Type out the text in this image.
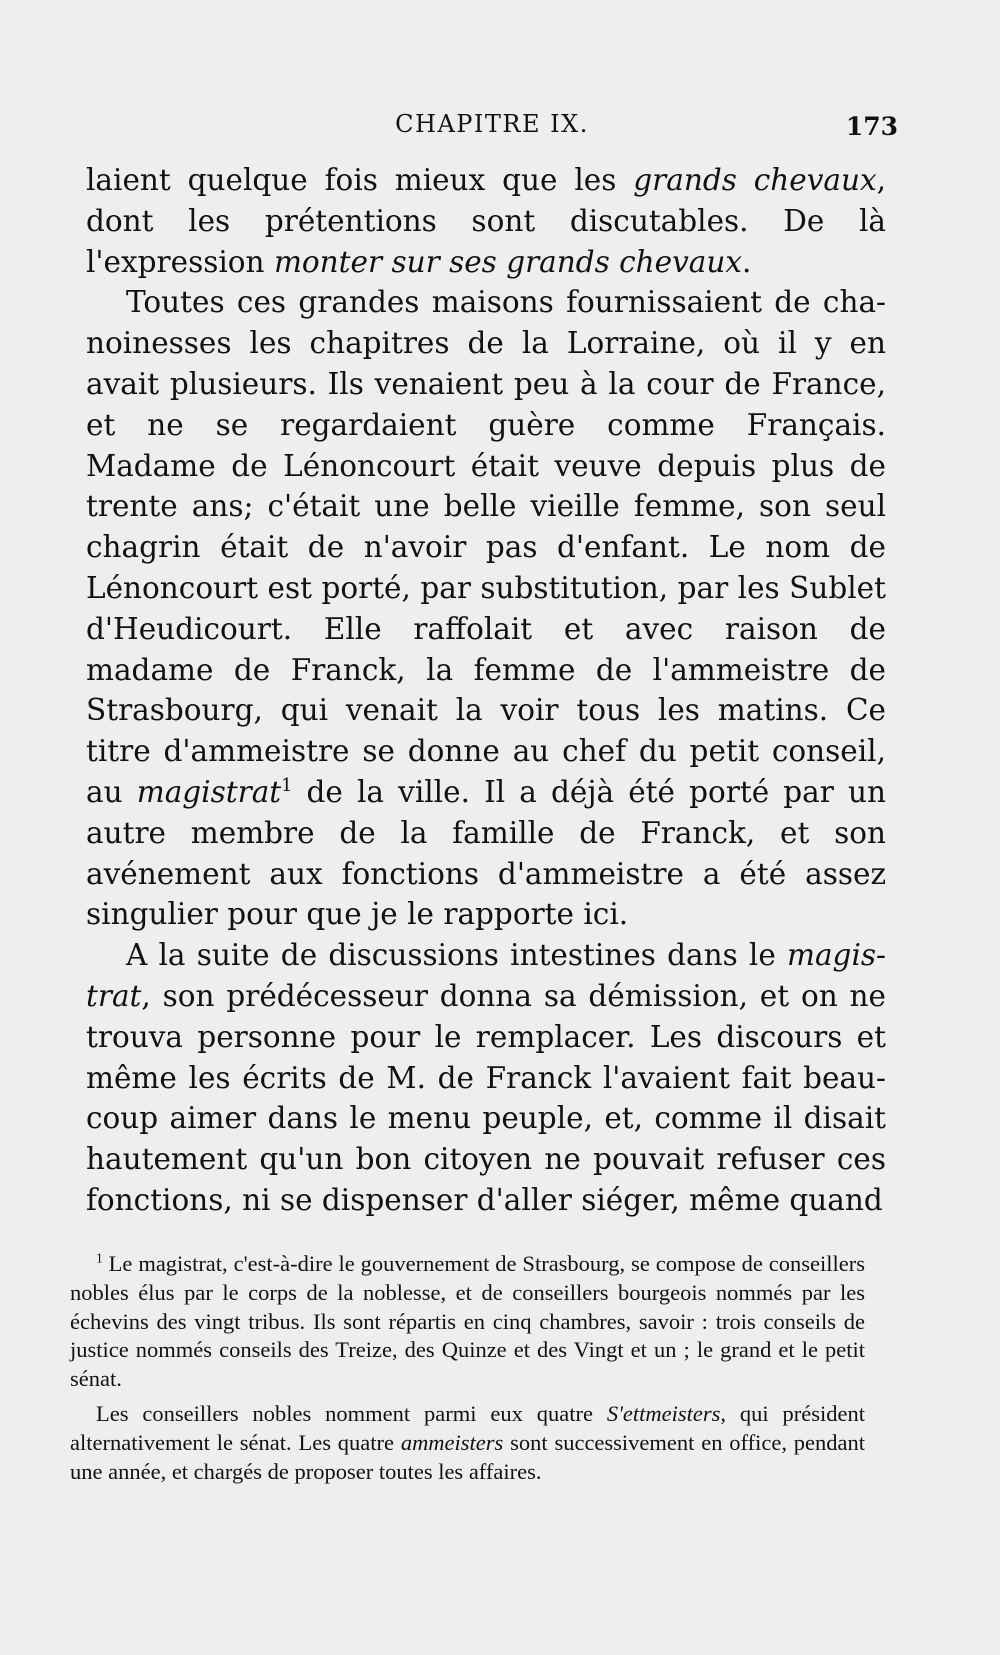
CHAPITRE IX.	173

laient quelque fois mieux que les grands chevaux, dont les prétentions sont discutables. De là l'expression monter sur ses grands chevaux.

Toutes ces grandes maisons fournissaient de chanoinesses les chapitres de la Lorraine, où il y en avait plusieurs. Ils venaient peu à la cour de France, et ne se regardaient guère comme Français. Madame de Lénoncourt était veuve depuis plus de trente ans; c'était une belle vieille femme, son seul chagrin était de n'avoir pas d'enfant. Le nom de Lénoncourt est porté, par substitution, par les Sublet d'Heudicourt. Elle raffolait et avec raison de madame de Franck, la femme de l'ammeistre de Strasbourg, qui venait la voir tous les matins. Ce titre d'ammeistre se donne au chef du petit conseil, au magistrat$^1$ de la ville. Il a déjà été porté par un autre membre de la famille de Franck, et son avénement aux fonctions d'ammeistre a été assez singulier pour que je le rapporte ici.

A la suite de discussions intestines dans le magistrat, son prédécesseur donna sa démission, et on ne trouva personne pour le remplacer. Les discours et même les écrits de M. de Franck l'avaient fait beaucoup aimer dans le menu peuple, et, comme il disait hautement qu'un bon citoyen ne pouvait refuser ces fonctions, ni se dispenser d'aller siéger, même quand

$^1$ Le magistrat, c'est-à-dire le gouvernement de Strasbourg, se compose de conseillers nobles élus par le corps de la noblesse, et de conseillers bourgeois nommés par les échevins des vingt tribus. Ils sont répartis en cinq chambres, savoir : trois conseils de justice nommés conseils des Treize, des Quinze et des Vingt et un ; le grand et le petit sénat.

Les conseillers nobles nomment parmi eux quatre S'ettmeisters, qui président alternativement le sénat. Les quatre ammeisters sont successivement en office, pendant une année, et chargés de proposer toutes les affaires.
